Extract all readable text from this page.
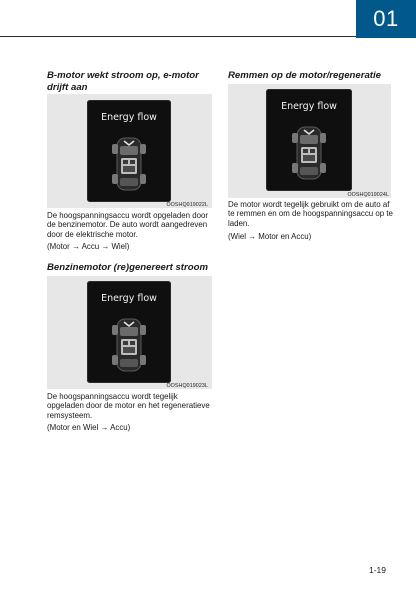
01
B-motor wekt stroom op, e-motor drijft aan
Energy flow
OOSHQ019022L
De hoogspanningsaccu wordt opgeladen door de benzinemotor. De auto wordt aangedreven door de elektrische motor.
(Motor → Accu → Wiel)
Benzinemotor (re)genereert stroom
Energy flow
OOSHQ019023L
De hoogspanningsaccu wordt tegelijk opgeladen door de motor en het regeneratieve remsysteem.
(Motor en Wiel → Accu)
Remmen op de motor/regeneratie
Energy flow
OOSHQ019024L
De motor wordt tegelijk gebruikt om de auto af te remmen en om de hoogspanningsaccu op te laden.
(Wiel → Motor en Accu)
1-19
